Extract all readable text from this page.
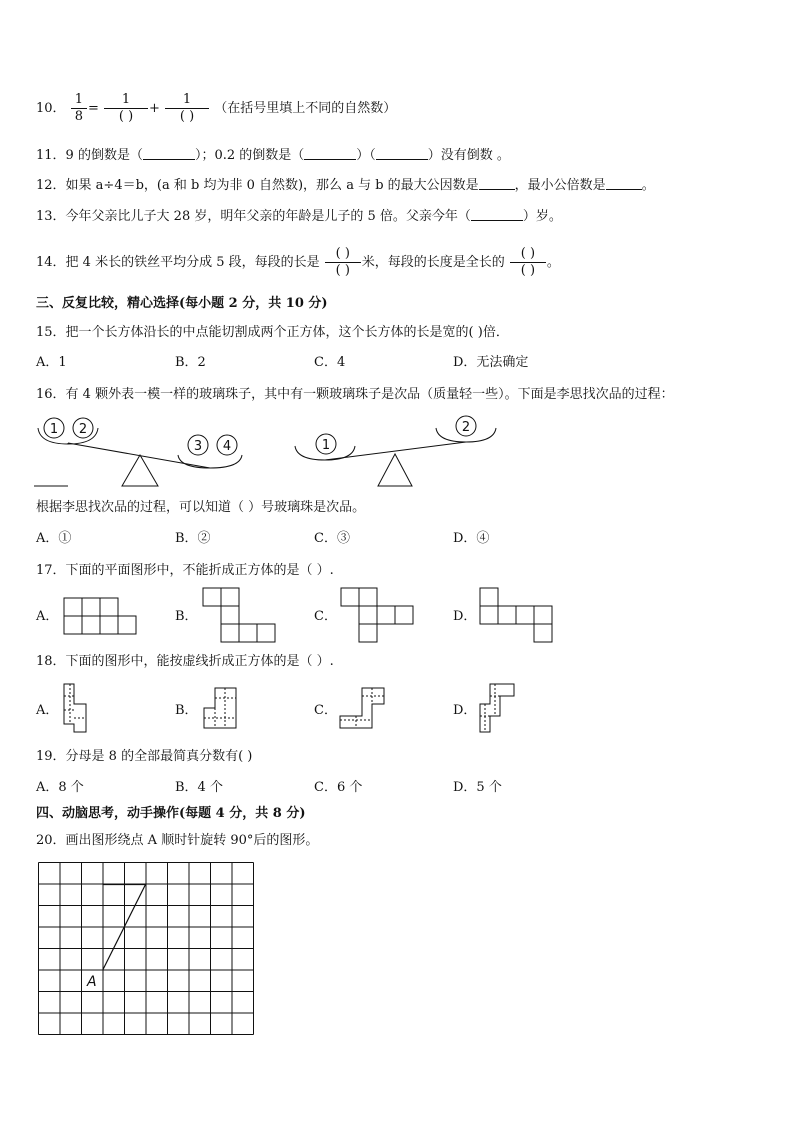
10． $\frac{1}{8} = \frac{1}{( )} + \frac{1}{( )}$ （在括号里填上不同的自然数）
11．9 的倒数是（	）；0.2 的倒数是（	）（	）没有倒数 。
12．如果 a÷4＝b，(a 和 b 均为非 0 自然数)，那么 a 与 b 的最大公因数是	，最小公倍数是	。
13．今年父亲比儿子大 28 岁，明年父亲的年龄是儿子的 5 倍。父亲今年（	）岁。
14．把 4 米长的铁丝平均分成 5 段，每段的长是 $\frac{( )}{( )}$ 米，每段的长度是全长的 $\frac{( )}{( )}$ 。
三、反复比较，精心选择(每小题 2 分，共 10 分)
15．把一个长方体沿长的中点能切割成两个正方体，这个长方体的长是宽的( )倍．
A．1	B．2	C．4	D．无法确定
16．有 4 颗外表一模一样的玻璃珠子，其中有一颗玻璃珠子是次品（质量轻一些）。下面是李思找次品的过程：
1 2
3 4	1
2
根据李思找次品的过程，可以知道（ ）号玻璃珠是次品。
A．①	B．②	C．③	D．④
17．下面的平面图形中，不能折成正方体的是（ ）.
A．	B．	C．	D．
18．下面的图形中，能按虚线折成正方体的是（ ）.
A．	B．	C．	D．
19．分母是 8 的全部最简真分数有( )
A．8 个	B．4 个	C．6 个	D．5 个
四、动脑思考，动手操作(每题 4 分，共 8 分)
20．画出图形绕点 A 顺时针旋转 90°后的图形。
A
